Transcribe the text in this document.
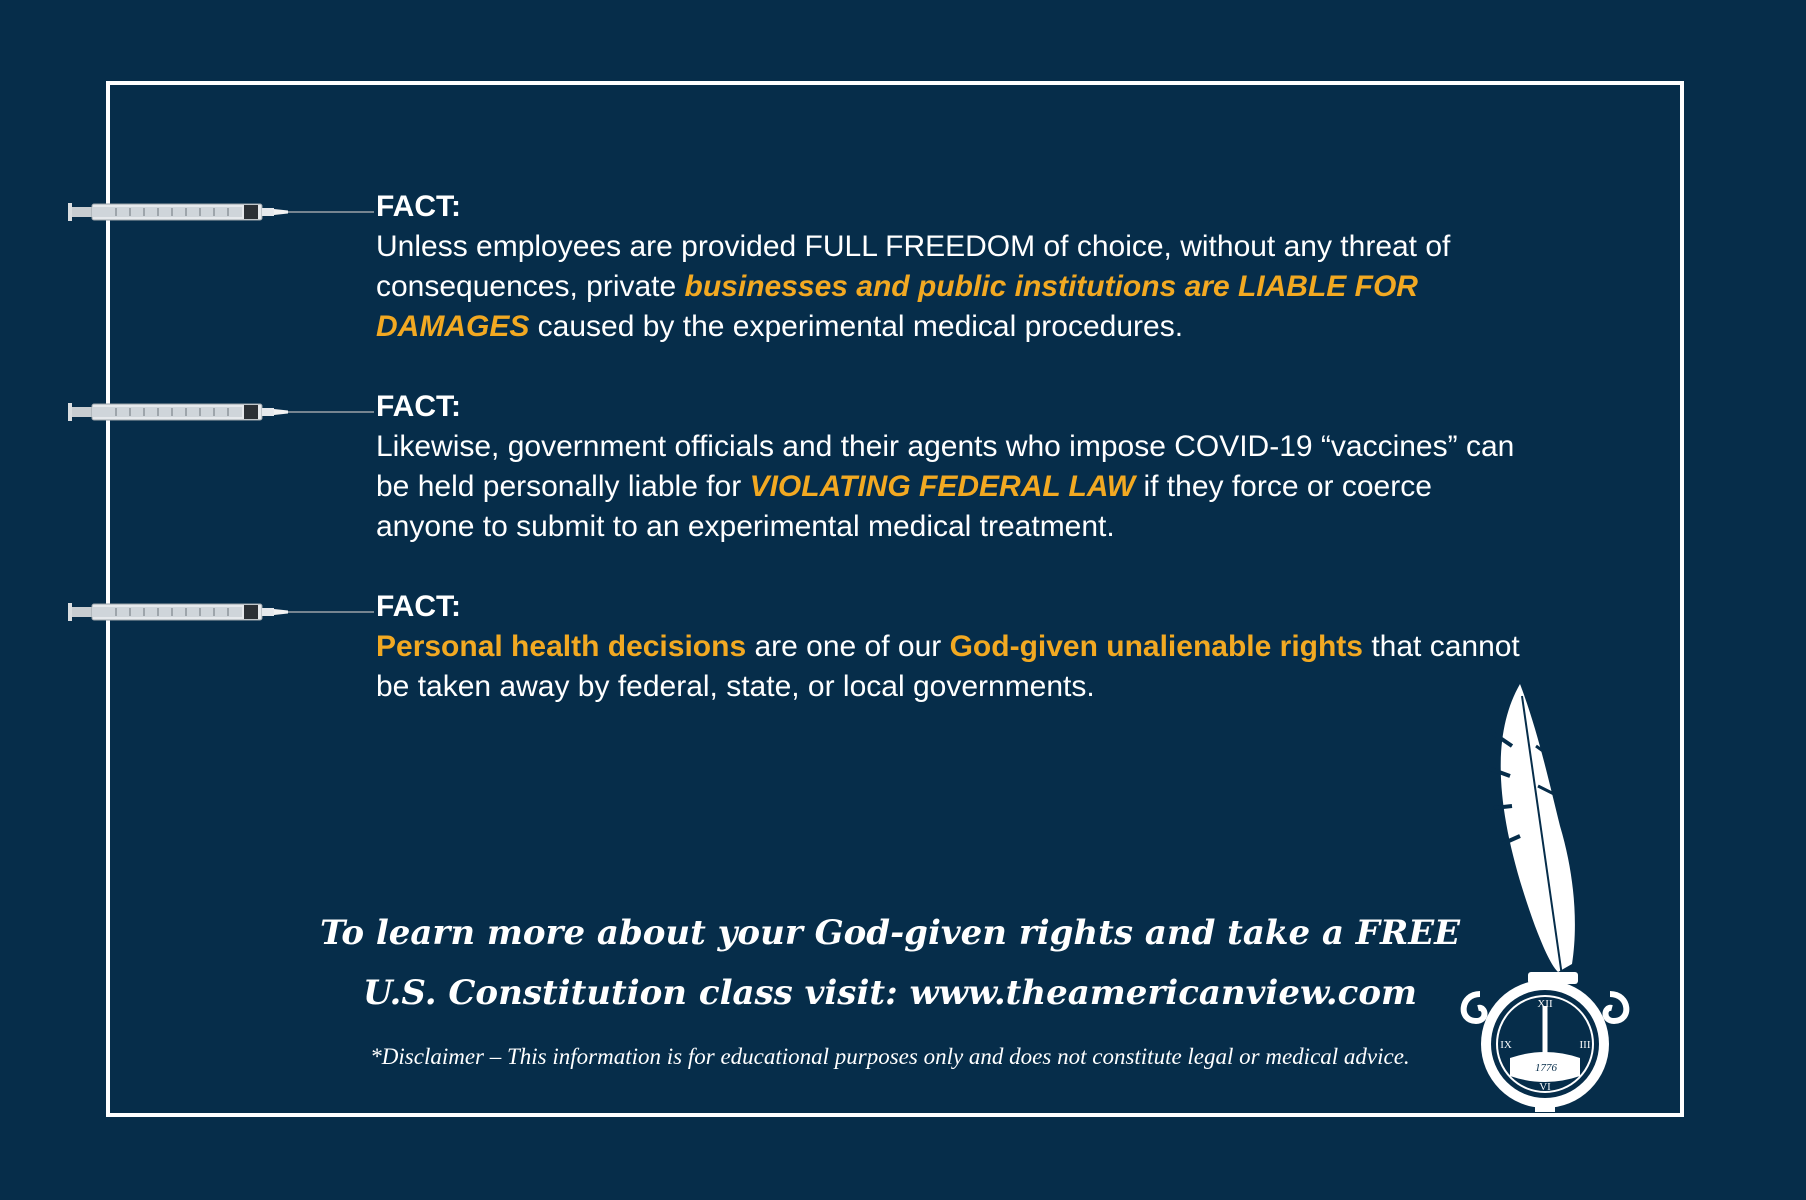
FACT:
Unless employees are provided FULL FREEDOM of choice, without any threat of consequences, private businesses and public institutions are LIABLE FOR DAMAGES caused by the experimental medical procedures.
FACT:
Likewise, government officials and their agents who impose COVID-19 “vaccines” can be held personally liable for VIOLATING FEDERAL LAW if they force or coerce anyone to submit to an experimental medical treatment.
FACT:
Personal health decisions are one of our God-given unalienable rights that cannot be taken away by federal, state, or local governments.
To learn more about your God-given rights and take a FREE
U.S. Constitution class visit: www.theamericanview.com
*Disclaimer – This information is for educational purposes only and does not constitute legal or medical advice.
XII
III
VI
IX
1776
